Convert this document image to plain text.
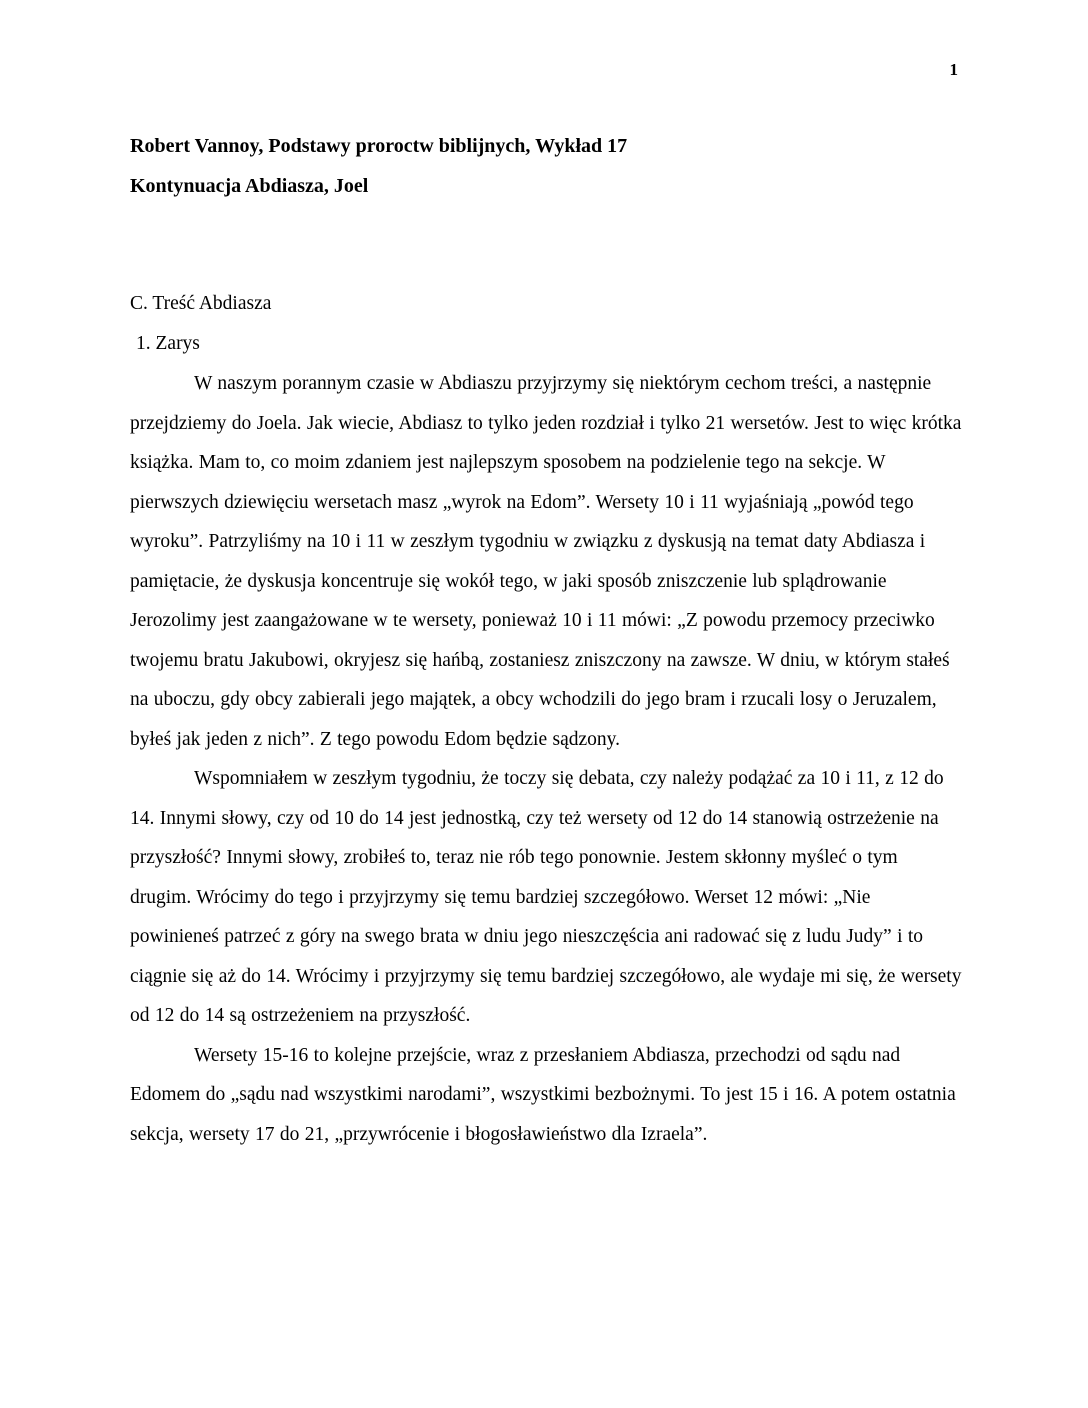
1

Robert Vannoy, Podstawy proroctw biblijnych, Wykład 17

Kontynuacja Abdiasza, Joel

C. Treść Abdiasza

1. Zarys

W naszym porannym czasie w Abdiaszu przyjrzymy się niektórym cechom treści, a następnie przejdziemy do Joela. Jak wiecie, Abdiasz to tylko jeden rozdział i tylko 21 wersetów. Jest to więc krótka książka. Mam to, co moim zdaniem jest najlepszym sposobem na podzielenie tego na sekcje. W pierwszych dziewięciu wersetach masz „wyrok na Edom”. Wersety 10 i 11 wyjaśniają „powód tego wyroku”. Patrzyliśmy na 10 i 11 w zeszłym tygodniu w związku z dyskusją na temat daty Abdiasza i pamiętacie, że dyskusja koncentruje się wokół tego, w jaki sposób zniszczenie lub splądrowanie Jerozolimy jest zaangażowane w te wersety, ponieważ 10 i 11 mówi: „Z powodu przemocy przeciwko twojemu bratu Jakubowi, okryjesz się hańbą, zostaniesz zniszczony na zawsze. W dniu, w którym stałeś na uboczu, gdy obcy zabierali jego majątek, a obcy wchodzili do jego bram i rzucali losy o Jeruzalem, byłeś jak jeden z nich”. Z tego powodu Edom będzie sądzony.

Wspomniałem w zeszłym tygodniu, że toczy się debata, czy należy podążać za 10 i 11, z 12 do 14. Innymi słowy, czy od 10 do 14 jest jednostką, czy też wersety od 12 do 14 stanowią ostrzeżenie na przyszłość? Innymi słowy, zrobiłeś to, teraz nie rób tego ponownie. Jestem skłonny myśleć o tym drugim. Wrócimy do tego i przyjrzymy się temu bardziej szczegółowo. Werset 12 mówi: „Nie powinieneś patrzeć z góry na swego brata w dniu jego nieszczęścia ani radować się z ludu Judy” i to ciągnie się aż do 14. Wrócimy i przyjrzymy się temu bardziej szczegółowo, ale wydaje mi się, że wersety od 12 do 14 są ostrzeżeniem na przyszłość.

Wersety 15-16 to kolejne przejście, wraz z przesłaniem Abdiasza, przechodzi od sądu nad Edomem do „sądu nad wszystkimi narodami”, wszystkimi bezbożnymi. To jest 15 i 16. A potem ostatnia sekcja, wersety 17 do 21, „przywrócenie i błogosławieństwo dla Izraela”.
